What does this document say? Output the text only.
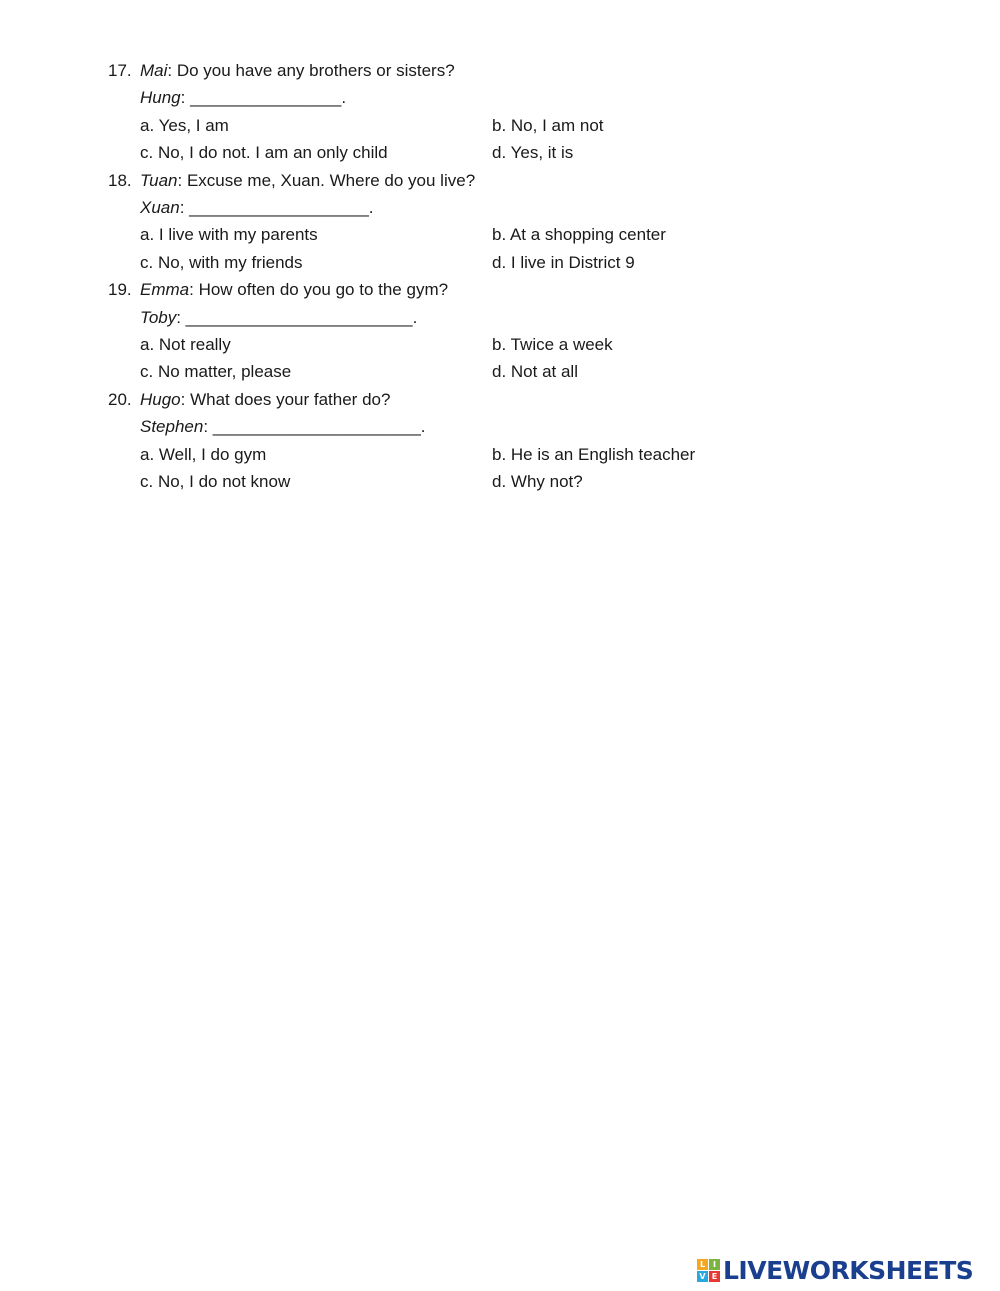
17. Mai: Do you have any brothers or sisters?
Hung: ________________.
a. Yes, I am	b. No, I am not
c. No, I do not. I am an only child	d. Yes, it is
18. Tuan: Excuse me, Xuan. Where do you live?
Xuan: ___________________.
a. I live with my parents	b. At a shopping center
c. No, with my friends	d. I live in District 9
19. Emma: How often do you go to the gym?
Toby: ________________________.
a. Not really	b. Twice a week
c. No matter, please	d. Not at all
20. Hugo: What does your father do?
Stephen: ______________________.
a. Well, I do gym	b. He is an English teacher
c. No, I do not know	d. Why not?
L I
V E LIVEWORKSHEETS
